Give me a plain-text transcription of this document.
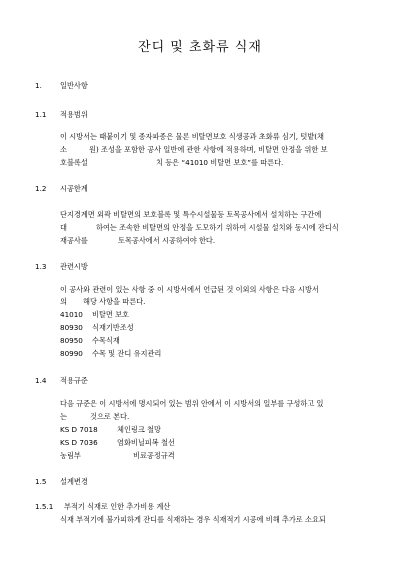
잔디 및 초화류 식재
1.	일반사항
1.1 적용범위
이 시방서는 때붙이기 및 종자파종은 물론 비탈면보호 식생공과 초화류 심기, 텃밭(채
소	원) 조성을 포함한 공사 일반에 관한 사항에 적용하며, 비탈면 안정을 위한 보
호블록설	치 등은 “41010 비탈면 보호”를 따른다.
1.2 시공한계
단지경계면 외곽 비탈면의 보호블록 및 특수시설물등 토목공사에서 설치하는 구간에
대	하여는 조속한 비탈면의 안정을 도모하기 위하여 시설물 설치와 동시에 잔디식
재공사를	토목공사에서 시공하여야 한다.
1.3 관련시방
이 공사와 관련이 있는 사항 중 이 시방서에서 언급된 것 이외의 사항은 다음 시방서
의 해당 사항을 따른다.
41010 비탈면 보호
80930 식재기반조성
80950 수목식재
80990 수목 및 잔디 유지관리
1.4 적용규준
다음 규준은 이 시방서에 명시되어 있는 범위 안에서 이 시방서의 일부를 구성하고 있
는	것으로 본다.
KS D 7018	체인링크 철망
KS D 7036	염화비닐피복 철선
농림부	비료공정규격
1.5 설계변경
1.5.1 부적기 식재로 인한 추가비용 계산
식재 부적기에 불가피하게 잔디를 식재하는 경우 식재적기 시공에 비해 추가로 소요되
